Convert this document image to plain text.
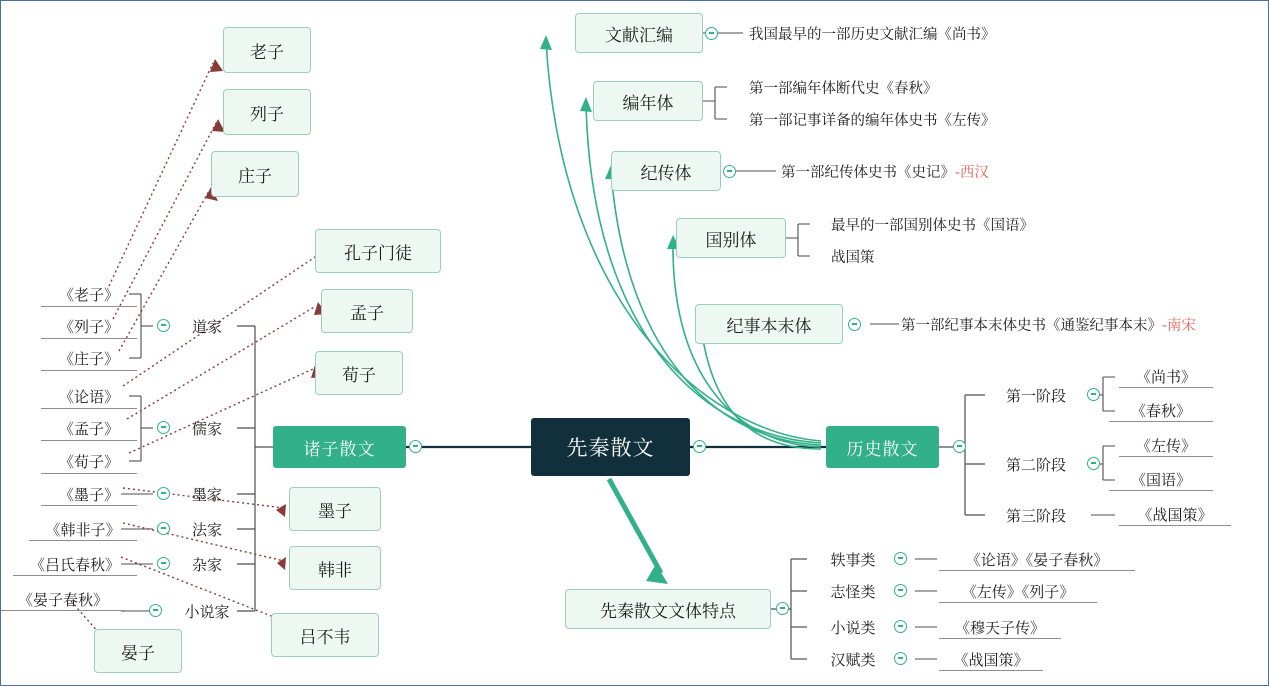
先秦散文
诸子散文	历史散文
先秦散文文体特点
道家
儒家
墨家
法家
杂家
小说家
《老子》
《列子》
《庄子》
《论语》
《孟子》
《荀子》
《墨子》
《韩非子》
《吕氏春秋》
《晏子春秋》
老子
列子
庄子
孔子门徒
孟子
荀子
墨子
韩非
吕不韦
晏子
文献汇编
编年体
纪传体
国别体
纪事本末体
我国最早的一部历史文献汇编《尚书》
第一部编年体断代史《春秋》
第一部记事详备的编年体史书《左传》
第一部纪传体史书《史记》 -西汉
最早的一部国别体史书《国语》
战国策
第一部纪事本末体史书《通鉴纪事本末》 -南宋
第一阶段
第二阶段
第三阶段
《尚书》
《春秋》
《左传》
《国语》
《战国策》
轶事类
志怪类
小说类
汉赋类
《论语》《晏子春秋》
《左传》《列子》
《穆天子传》
《战国策》
